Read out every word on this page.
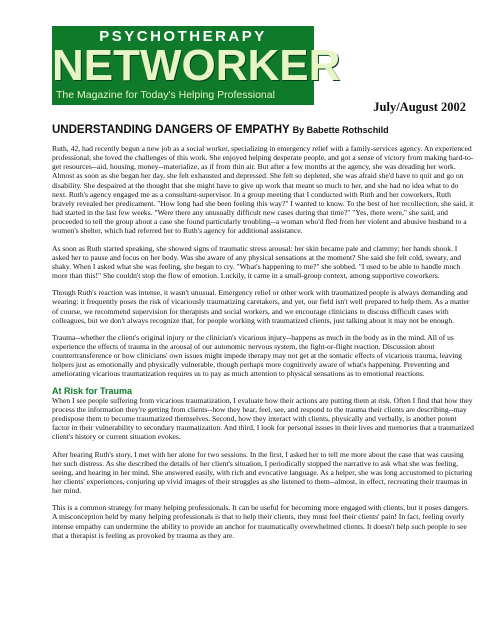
PSYCHOTHERAPY
NETWORKER
The Magazine for Today's Helping Professional
July/August 2002
UNDERSTANDING DANGERS OF EMPATHY By Babette Rothschild

Ruth, 42, had recently begun a new job as a social worker, specializing in emergency relief with a family-services agency. An experienced professional, she loved the challenges of this work. She enjoyed helping desperate people, and got a sense of victory from making hard-to-get resources--aid, housing, money--materialize, as if from thin air. But after a few months at the agency, she was dreading her work. Almost as soon as she began her day, she felt exhausted and depressed. She felt so depleted, she was afraid she'd have to quit and go on disability. She despaired at the thought that she might have to give up work that meant so much to her, and she had no idea what to do next. Ruth's agency engaged me as a consultant-supervisor. In a group meeting that I conducted with Ruth and her coworkers, Ruth bravely revealed her predicament. "How long had she been feeling this way?" I wanted to know. To the best of her recollection, she said, it had started in the last few weeks. "Were there any unusually difficult new cases during that time?" "Yes, there were," she said, and proceeded to tell the group about a case she found particularly troubling--a woman who'd fled from her violent and abusive husband to a women's shelter, which had referred her to Ruth's agency for additional assistance.

As soon as Ruth started speaking, she showed signs of traumatic stress arousal: her skin became pale and clammy; her hands shook. I asked her to pause and focus on her body. Was she aware of any physical sensations at the moment? She said she felt cold, sweaty, and shaky. When I asked what she was feeling, she began to cry. "What's happening to me?" she sobbed. "I used to be able to handle much more than this!" She couldn't stop the flow of emotion. Luckily, it came in a small-group context, among supportive coworkers.

Though Ruth's reaction was intense, it wasn't unusual. Emergency relief or other work with traumatized people is always demanding and wearing: it frequently poses the risk of vicariously traumatizing caretakers, and yet, our field isn't well prepared to help them. As a matter of course, we recommend supervision for therapists and social workers, and we encourage clinicians to discuss difficult cases with colleagues, but we don't always recognize that, for people working with traumatized clients, just talking about it may not be enough.

Trauma--whether the client's original injury or the clinician's vicarious injury--happens as much in the body as in the mind. All of us experience the effects of trauma in the arousal of our autonomic nervous system, the fight-or-flight reaction. Discussion about countertransference or how clinicians' own issues might impede therapy may not get at the somatic effects of vicarious trauma, leaving helpers just as emotionally and physically vulnerable, though perhaps more cognitively aware of what's happening. Preventing and ameliorating vicarious traumatization requires us to pay as much attention to physical sensations as to emotional reactions.

At Risk for Trauma

When I see people suffering from vicarious traumatization, I evaluate how their actions are putting them at risk. Often I find that how they process the information they're getting from clients--how they hear, feel, see, and respond to the trauma their clients are describing--may predispose them to become traumatized themselves. Second, how they interact with clients, physically and verbally, is another potent factor in their vulnerability to secondary traumatization. And third, I look for personal issues in their lives and memories that a traumatized client's history or current situation evokes.

After hearing Ruth's story, I met with her alone for two sessions. In the first, I asked her to tell me more about the case that was causing her such distress. As she described the details of her client's situation, I periodically stopped the narrative to ask what she was feeling, seeing, and hearing in her mind. She answered easily, with rich and evocative language. As a helper, she was long accustomed to picturing her clients' experiences, conjuring up vivid images of their struggles as she listened to them--almost, in effect, recreating their traumas in her mind.

This is a common strategy for many helping professionals. It can be useful for becoming more engaged with clients, but it poses dangers. A misconception held by many helping professionals is that to help their clients, they must feel their clients' pain! In fact, feeling overly intense empathy can undermine the ability to provide an anchor for traumatically overwhelmed clients. It doesn't help such people to see that a therapist is feeling as provoked by trauma as they are.
